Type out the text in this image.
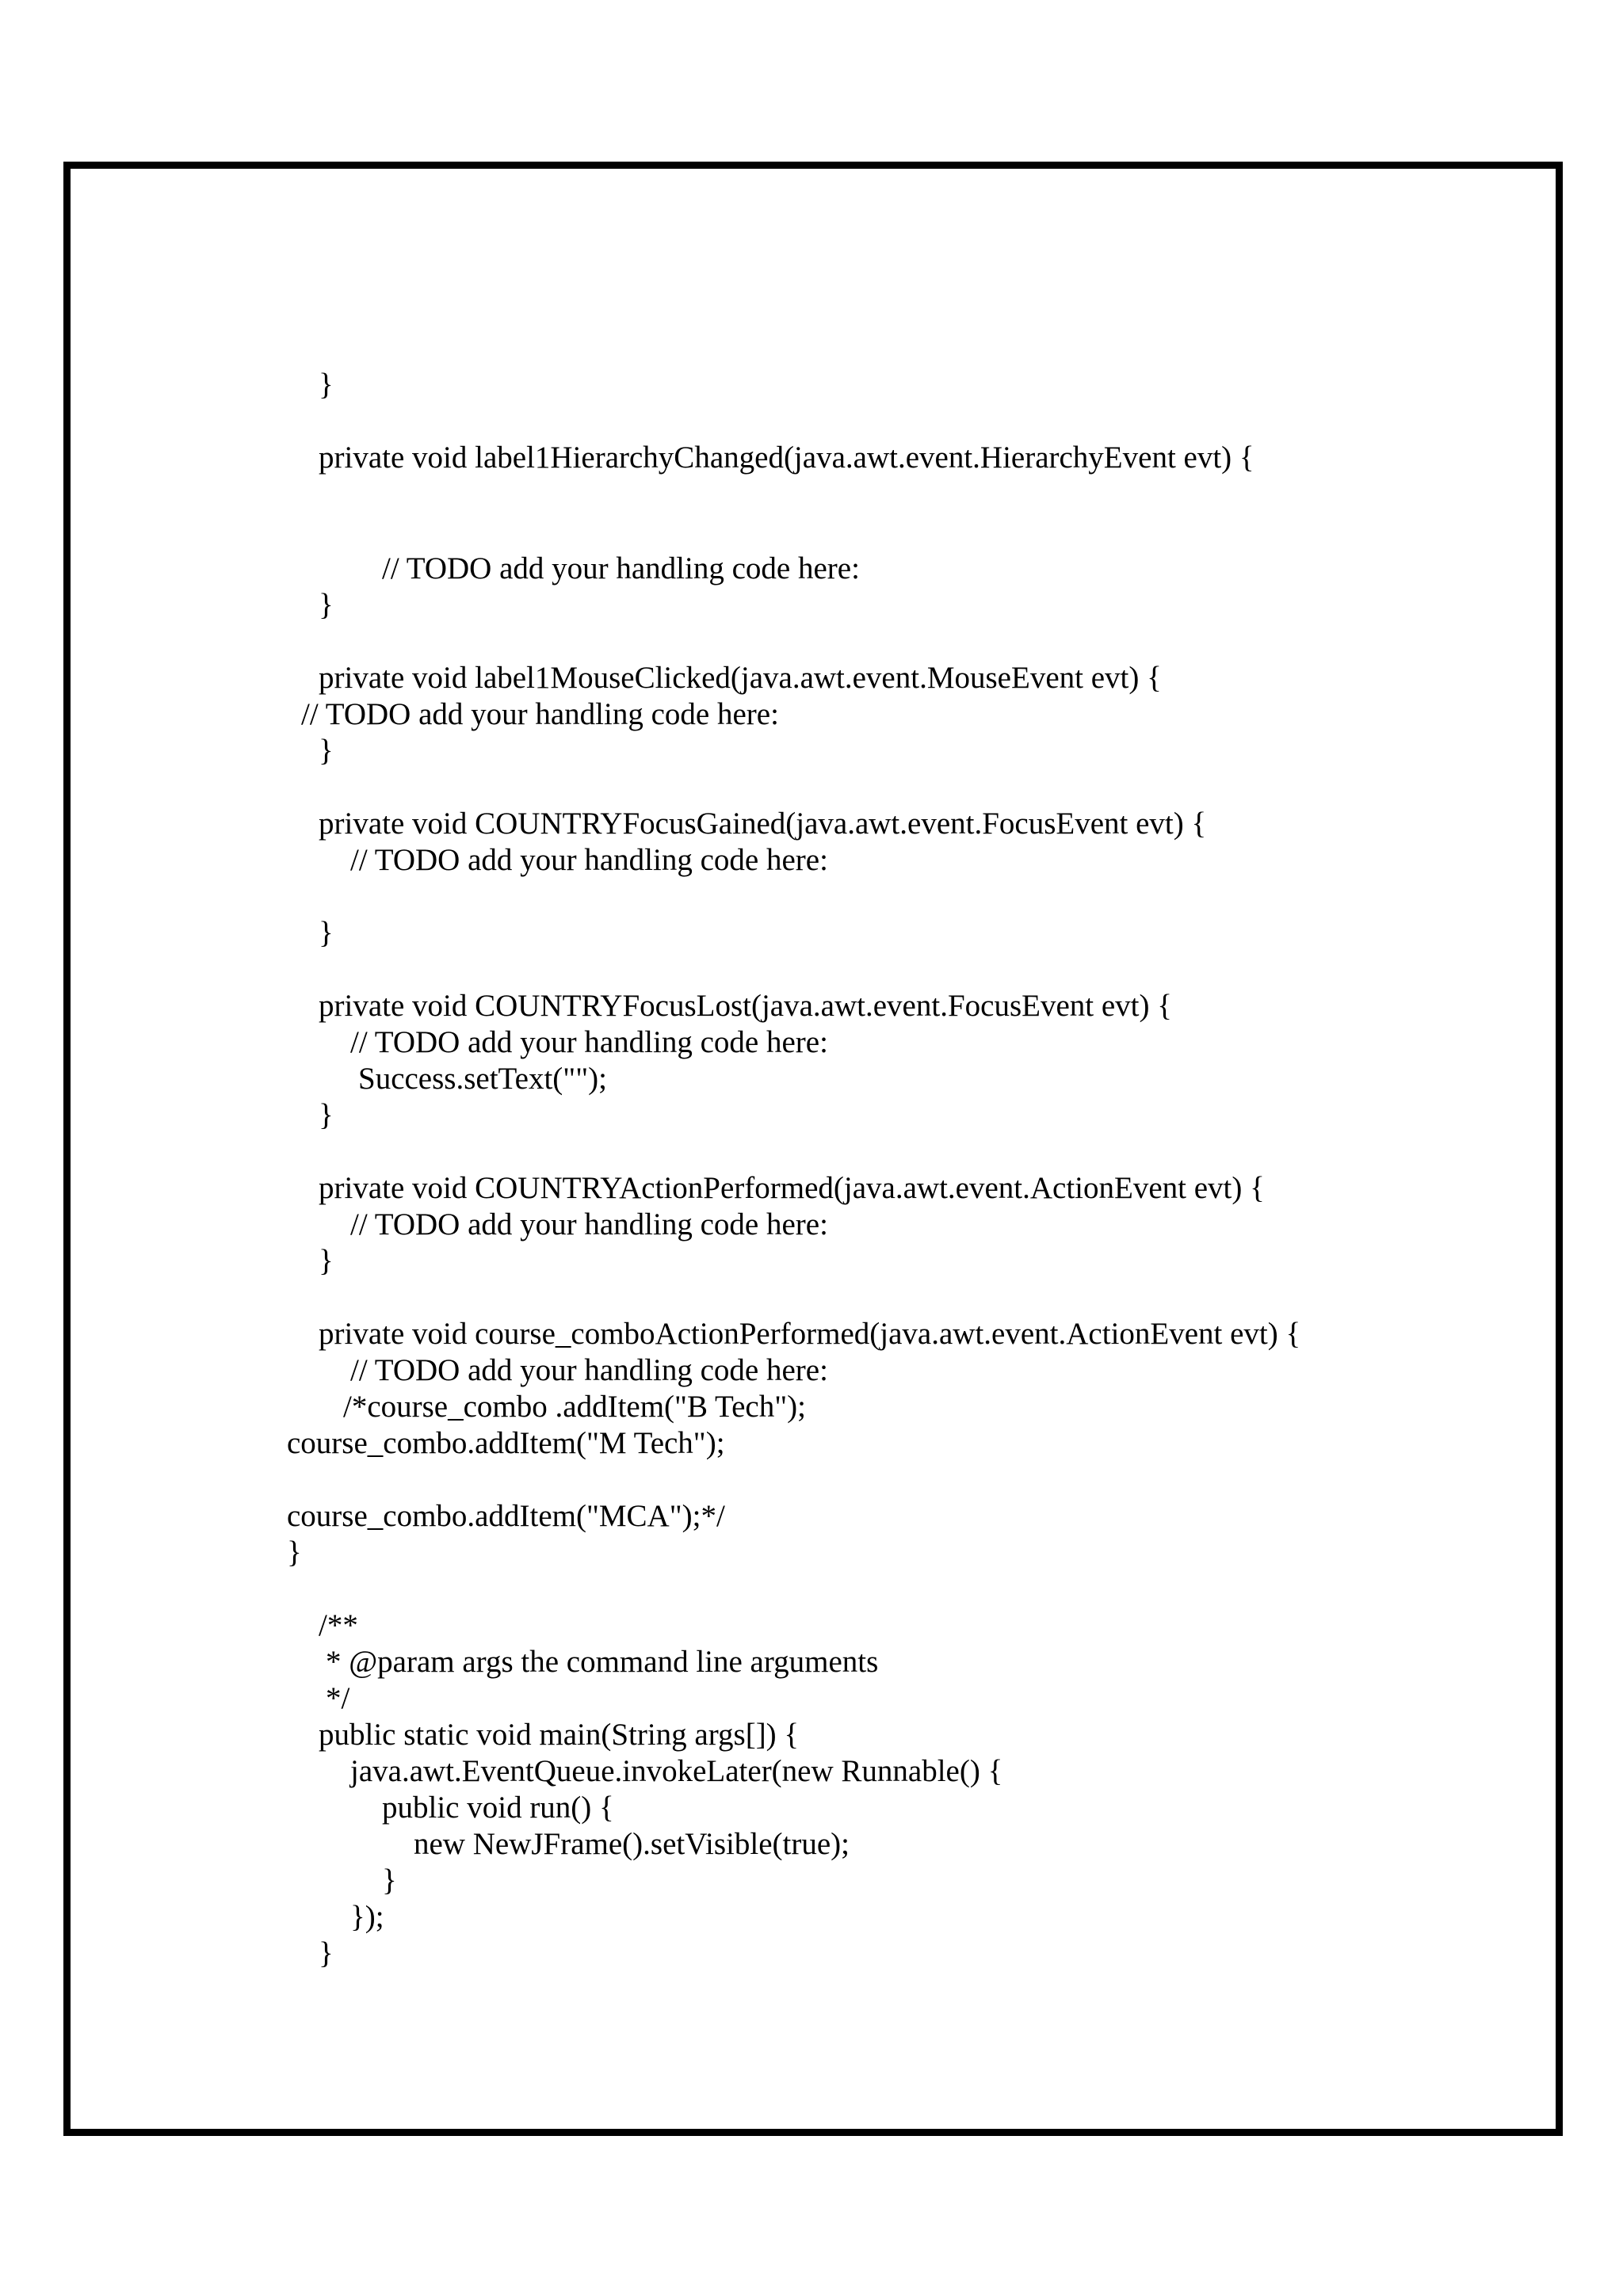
}
private void label1HierarchyChanged(java.awt.event.HierarchyEvent evt) {
// TODO add your handling code here:
}
private void label1MouseClicked(java.awt.event.MouseEvent evt) {
// TODO add your handling code here:
}
private void COUNTRYFocusGained(java.awt.event.FocusEvent evt) {
// TODO add your handling code here:
}
private void COUNTRYFocusLost(java.awt.event.FocusEvent evt) {
// TODO add your handling code here:
Success.setText("");
}
private void COUNTRYActionPerformed(java.awt.event.ActionEvent evt) {
// TODO add your handling code here:
}
private void course_comboActionPerformed(java.awt.event.ActionEvent evt) {
// TODO add your handling code here:
/*course_combo .addItem("B Tech");
course_combo.addItem("M Tech");
course_combo.addItem("MCA");*/
}
/**
* @param args the command line arguments
*/
public static void main(String args[]) {
java.awt.EventQueue.invokeLater(new Runnable() {
public void run() {
new NewJFrame().setVisible(true);
}
});
}
